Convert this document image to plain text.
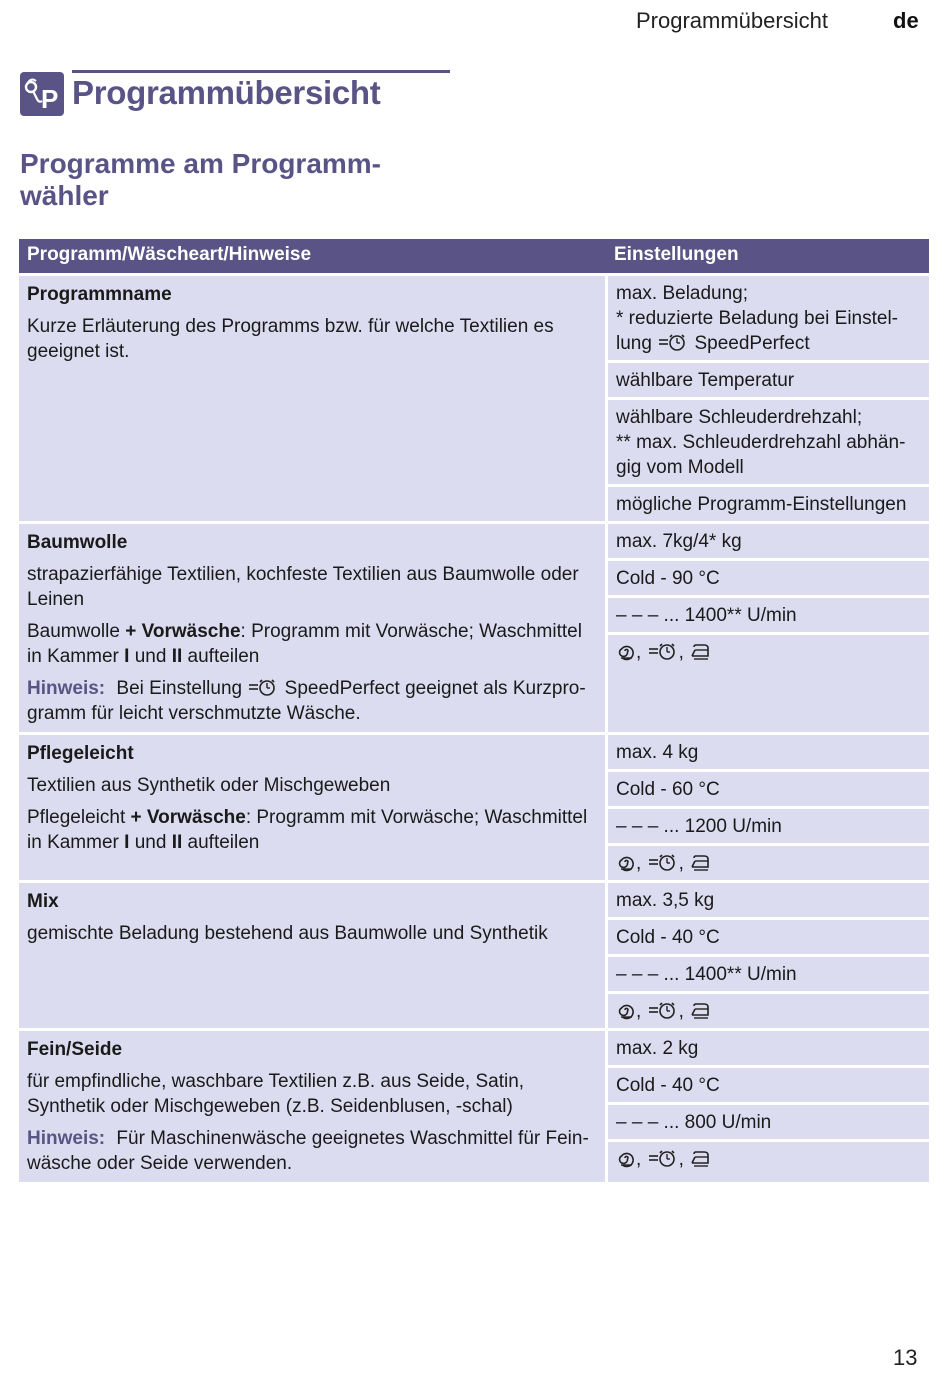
Programmübersicht	de
P Programmübersicht
Programme am Programm- wähler
Programm/Wäscheart/Hinweise	Einstellungen
Programmname
Kurze Erläuterung des Programms bzw. für welche Textilien es geeignet ist.
max. Beladung;
* reduzierte Beladung bei Einstel-lung SpeedPerfect
wählbare Temperatur
wählbare Schleuderdrehzahl;
** max. Schleuderdrehzahl abhän-gig vom Modell
mögliche Programm-Einstellungen
Baumwolle
strapazierfähige Textilien, kochfeste Textilien aus Baumwolle oder Leinen
Baumwolle + Vorwäsche: Programm mit Vorwäsche; Waschmittel in Kammer I und II aufteilen
Hinweis: Bei Einstellung SpeedPerfect geeignet als Kurzpro-gramm für leicht verschmutzte Wäsche.
max. 7kg/4* kg
Cold - 90 °C
– – – ... 1400** U/min
, ,
Pflegeleicht
Textilien aus Synthetik oder Mischgeweben
Pflegeleicht + Vorwäsche: Programm mit Vorwäsche; Waschmittel in Kammer I und II aufteilen
max. 4 kg
Cold - 60 °C
– – – ... 1200 U/min
, ,
Mix
gemischte Beladung bestehend aus Baumwolle und Synthetik
max. 3,5 kg
Cold - 40 °C
– – – ... 1400** U/min
, ,
Fein/Seide
für empfindliche, waschbare Textilien z.B. aus Seide, Satin, Synthetik oder Mischgeweben (z.B. Seidenblusen, -schal)
Hinweis: Für Maschinenwäsche geeignetes Waschmittel für Fein-wäsche oder Seide verwenden.
max. 2 kg
Cold - 40 °C
– – – ... 800 U/min
, ,
13
